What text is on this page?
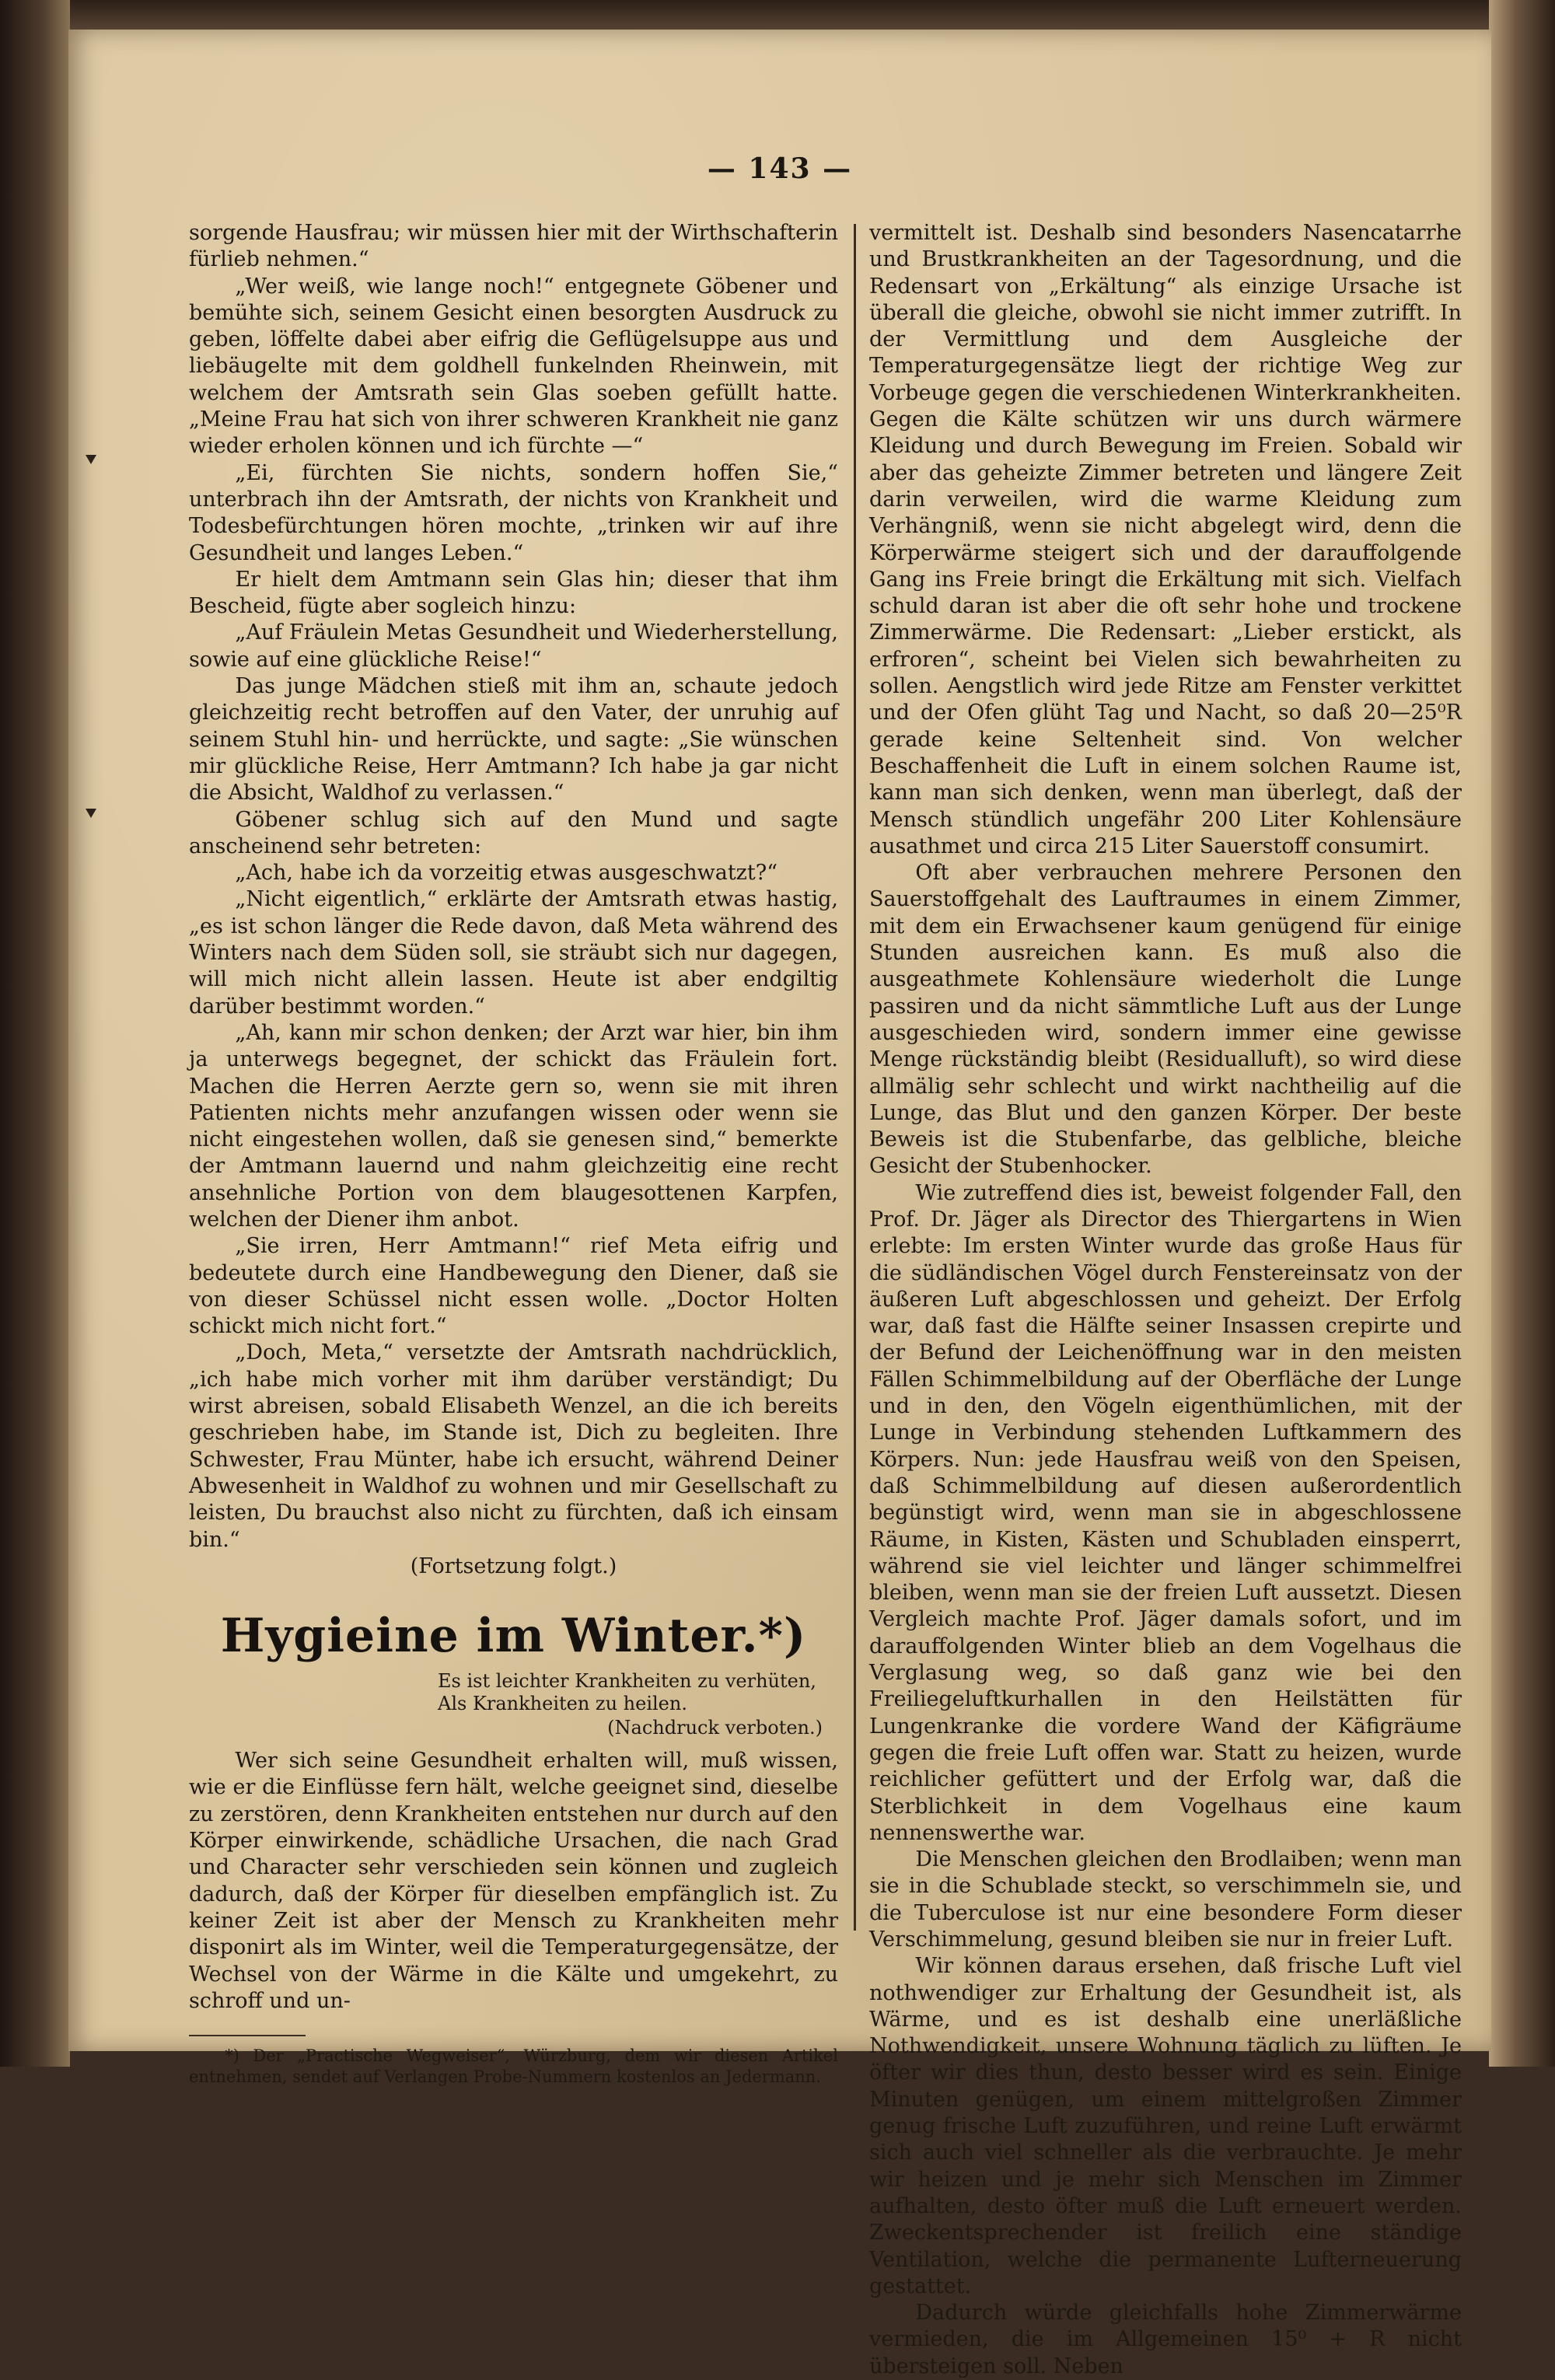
— 143 —

sorgende Hausfrau; wir müssen hier mit der Wirthschafterin fürlieb nehmen.“

„Wer weiß, wie lange noch!“ entgegnete Göbener und bemühte sich, seinem Gesicht einen besorgten Ausdruck zu geben, löffelte dabei aber eifrig die Geflügelsuppe aus und liebäugelte mit dem goldhell funkelnden Rheinwein, mit welchem der Amtsrath sein Glas soeben gefüllt hatte. „Meine Frau hat sich von ihrer schweren Krankheit nie ganz wieder erholen können und ich fürchte —“

„Ei, fürchten Sie nichts, sondern hoffen Sie,“ unterbrach ihn der Amtsrath, der nichts von Krankheit und Todesbefürchtungen hören mochte, „trinken wir auf ihre Gesundheit und langes Leben.“

Er hielt dem Amtmann sein Glas hin; dieser that ihm Bescheid, fügte aber sogleich hinzu:

„Auf Fräulein Metas Gesundheit und Wiederherstellung, sowie auf eine glückliche Reise!“

Das junge Mädchen stieß mit ihm an, schaute jedoch gleichzeitig recht betroffen auf den Vater, der unruhig auf seinem Stuhl hin- und herrückte, und sagte: „Sie wünschen mir glückliche Reise, Herr Amtmann? Ich habe ja gar nicht die Absicht, Waldhof zu verlassen.“

Göbener schlug sich auf den Mund und sagte anscheinend sehr betreten:

„Ach, habe ich da vorzeitig etwas ausgeschwatzt?“

„Nicht eigentlich,“ erklärte der Amtsrath etwas hastig, „es ist schon länger die Rede davon, daß Meta während des Winters nach dem Süden soll, sie sträubt sich nur dagegen, will mich nicht allein lassen. Heute ist aber endgiltig darüber bestimmt worden.“

„Ah, kann mir schon denken; der Arzt war hier, bin ihm ja unterwegs begegnet, der schickt das Fräulein fort. Machen die Herren Aerzte gern so, wenn sie mit ihren Patienten nichts mehr anzufangen wissen oder wenn sie nicht eingestehen wollen, daß sie genesen sind,“ bemerkte der Amtmann lauernd und nahm gleichzeitig eine recht ansehnliche Portion von dem blaugesottenen Karpfen, welchen der Diener ihm anbot.

„Sie irren, Herr Amtmann!“ rief Meta eifrig und bedeutete durch eine Handbewegung den Diener, daß sie von dieser Schüssel nicht essen wolle. „Doctor Holten schickt mich nicht fort.“

„Doch, Meta,“ versetzte der Amtsrath nachdrücklich, „ich habe mich vorher mit ihm darüber verständigt; Du wirst abreisen, sobald Elisabeth Wenzel, an die ich bereits geschrieben habe, im Stande ist, Dich zu begleiten. Ihre Schwester, Frau Münter, habe ich ersucht, während Deiner Abwesenheit in Waldhof zu wohnen und mir Gesellschaft zu leisten, Du brauchst also nicht zu fürchten, daß ich einsam bin.“

(Fortsetzung folgt.)

Hygieine im Winter.*)
Es ist leichter Krankheiten zu verhüten,
Als Krankheiten zu heilen.
(Nachdruck verboten.)

Wer sich seine Gesundheit erhalten will, muß wissen, wie er die Einflüsse fern hält, welche geeignet sind, dieselbe zu zerstören, denn Krankheiten entstehen nur durch auf den Körper einwirkende, schädliche Ursachen, die nach Grad und Character sehr verschieden sein können und zugleich dadurch, daß der Körper für dieselben empfänglich ist. Zu keiner Zeit ist aber der Mensch zu Krankheiten mehr disponirt als im Winter, weil die Temperaturgegensätze, der Wechsel von der Wärme in die Kälte und umgekehrt, zu schroff und un-

*) Der „Practische Wegweiser“, Würzburg, dem wir diesen Artikel entnehmen, sendet auf Verlangen Probe-Nummern kostenlos an Jedermann.

vermittelt ist. Deshalb sind besonders Nasencatarrhe und Brustkrankheiten an der Tagesordnung, und die Redensart von „Erkältung“ als einzige Ursache ist überall die gleiche, obwohl sie nicht immer zutrifft. In der Vermittlung und dem Ausgleiche der Temperaturgegensätze liegt der richtige Weg zur Vorbeuge gegen die verschiedenen Winterkrankheiten. Gegen die Kälte schützen wir uns durch wärmere Kleidung und durch Bewegung im Freien. Sobald wir aber das geheizte Zimmer betreten und längere Zeit darin verweilen, wird die warme Kleidung zum Verhängniß, wenn sie nicht abgelegt wird, denn die Körperwärme steigert sich und der darauffolgende Gang ins Freie bringt die Erkältung mit sich. Vielfach schuld daran ist aber die oft sehr hohe und trockene Zimmerwärme. Die Redensart: „Lieber erstickt, als erfroren“, scheint bei Vielen sich bewahrheiten zu sollen. Aengstlich wird jede Ritze am Fenster verkittet und der Ofen glüht Tag und Nacht, so daß 20—25⁰R gerade keine Seltenheit sind. Von welcher Beschaffenheit die Luft in einem solchen Raume ist, kann man sich denken, wenn man überlegt, daß der Mensch stündlich ungefähr 200 Liter Kohlensäure ausathmet und circa 215 Liter Sauerstoff consumirt.

Oft aber verbrauchen mehrere Personen den Sauerstoffgehalt des Lauftraumes in einem Zimmer, mit dem ein Erwachsener kaum genügend für einige Stunden ausreichen kann. Es muß also die ausgeathmete Kohlensäure wiederholt die Lunge passiren und da nicht sämmtliche Luft aus der Lunge ausgeschieden wird, sondern immer eine gewisse Menge rückständig bleibt (Residualluft), so wird diese allmälig sehr schlecht und wirkt nachtheilig auf die Lunge, das Blut und den ganzen Körper. Der beste Beweis ist die Stubenfarbe, das gelbliche, bleiche Gesicht der Stubenhocker.

Wie zutreffend dies ist, beweist folgender Fall, den Prof. Dr. Jäger als Director des Thiergartens in Wien erlebte: Im ersten Winter wurde das große Haus für die südländischen Vögel durch Fenstereinsatz von der äußeren Luft abgeschlossen und geheizt. Der Erfolg war, daß fast die Hälfte seiner Insassen crepirte und der Befund der Leichenöffnung war in den meisten Fällen Schimmelbildung auf der Oberfläche der Lunge und in den, den Vögeln eigenthümlichen, mit der Lunge in Verbindung stehenden Luftkammern des Körpers. Nun: jede Hausfrau weiß von den Speisen, daß Schimmelbildung auf diesen außerordentlich begünstigt wird, wenn man sie in abgeschlossene Räume, in Kisten, Kästen und Schubladen einsperrt, während sie viel leichter und länger schimmelfrei bleiben, wenn man sie der freien Luft aussetzt. Diesen Vergleich machte Prof. Jäger damals sofort, und im darauffolgenden Winter blieb an dem Vogelhaus die Verglasung weg, so daß ganz wie bei den Freiliegeluftkurhallen in den Heilstätten für Lungenkranke die vordere Wand der Käfigräume gegen die freie Luft offen war. Statt zu heizen, wurde reichlicher gefüttert und der Erfolg war, daß die Sterblichkeit in dem Vogelhaus eine kaum nennenswerthe war.

Die Menschen gleichen den Brodlaiben; wenn man sie in die Schublade steckt, so verschimmeln sie, und die Tuberculose ist nur eine besondere Form dieser Verschimmelung, gesund bleiben sie nur in freier Luft.

Wir können daraus ersehen, daß frische Luft viel nothwendiger zur Erhaltung der Gesundheit ist, als Wärme, und es ist deshalb eine unerläßliche Nothwendigkeit, unsere Wohnung täglich zu lüften. Je öfter wir dies thun, desto besser wird es sein. Einige Minuten genügen, um einem mittelgroßen Zimmer genug frische Luft zuzuführen, und reine Luft erwärmt sich auch viel schneller als die verbrauchte. Je mehr wir heizen und je mehr sich Menschen im Zimmer aufhalten, desto öfter muß die Luft erneuert werden. Zweckentsprechender ist freilich eine ständige Ventilation, welche die permanente Lufterneuerung gestattet.

Dadurch würde gleichfalls hohe Zimmerwärme vermieden, die im Allgemeinen 15⁰ + R nicht übersteigen soll. Neben
